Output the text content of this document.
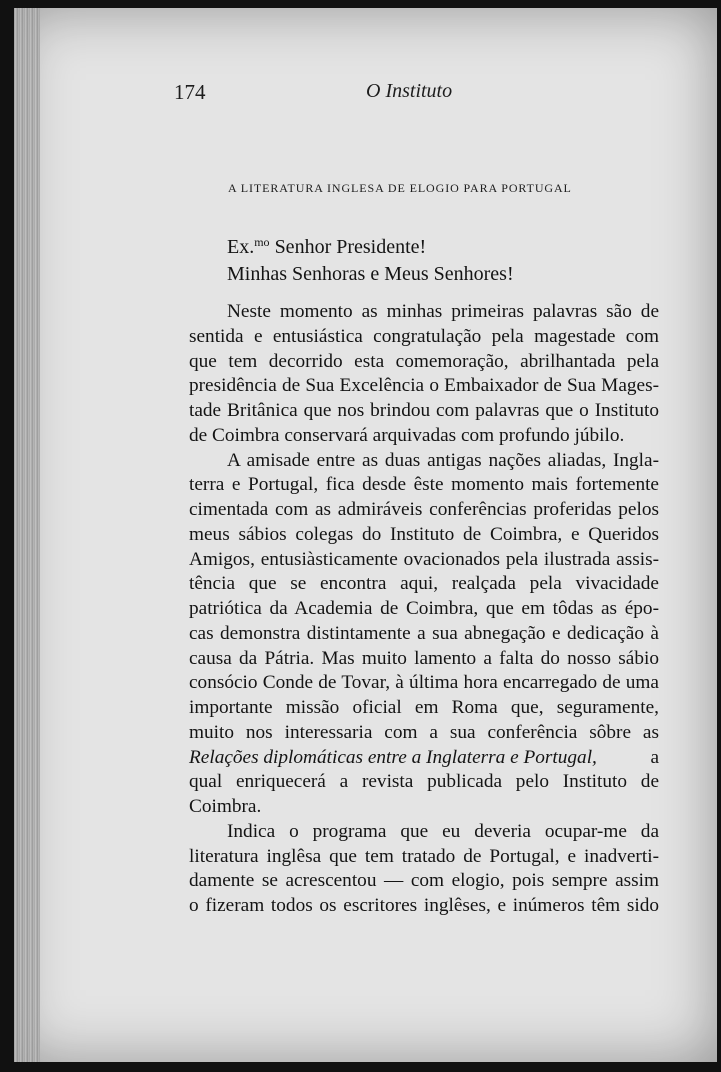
174	O Instituto
A LITERATURA INGLESA DE ELOGIO PARA PORTUGAL
Ex.$^{mo}$ Senhor Presidente!
Minhas Senhoras e Meus Senhores!
Neste momento as minhas primeiras palavras são de
sentida e entusiástica congratulação pela magestade com
que tem decorrido esta comemoração, abrilhantada pela
presidência de Sua Excelência o Embaixador de Sua Mages-
tade Britânica que nos brindou com palavras que o Instituto
de Coimbra conservará arquivadas com profundo júbilo.
A amisade entre as duas antigas nações aliadas, Ingla-
terra e Portugal, fica desde êste momento mais fortemente
cimentada com as admiráveis conferências proferidas pelos
meus sábios colegas do Instituto de Coimbra, e Queridos
Amigos, entusiàsticamente ovacionados pela ilustrada assis-
tência que se encontra aqui, realçada pela vivacidade
patriótica da Academia de Coimbra, que em tôdas as épo-
cas demonstra distintamente a sua abnegação e dedicação à
causa da Pátria. Mas muito lamento a falta do nosso sábio
consócio Conde de Tovar, à última hora encarregado de uma
importante missão oficial em Roma que, seguramente,
muito nos interessaria com a sua conferência sôbre as
Relações diplomáticas entre a Inglaterra e Portugal,	a
qual enriquecerá a revista publicada pelo Instituto de
Coimbra.
Indica o programa que eu deveria ocupar-me da
literatura inglêsa que tem tratado de Portugal, e inadverti-
damente se acrescentou — com elogio, pois sempre assim
o fizeram todos os escritores inglêses, e inúmeros têm sido
